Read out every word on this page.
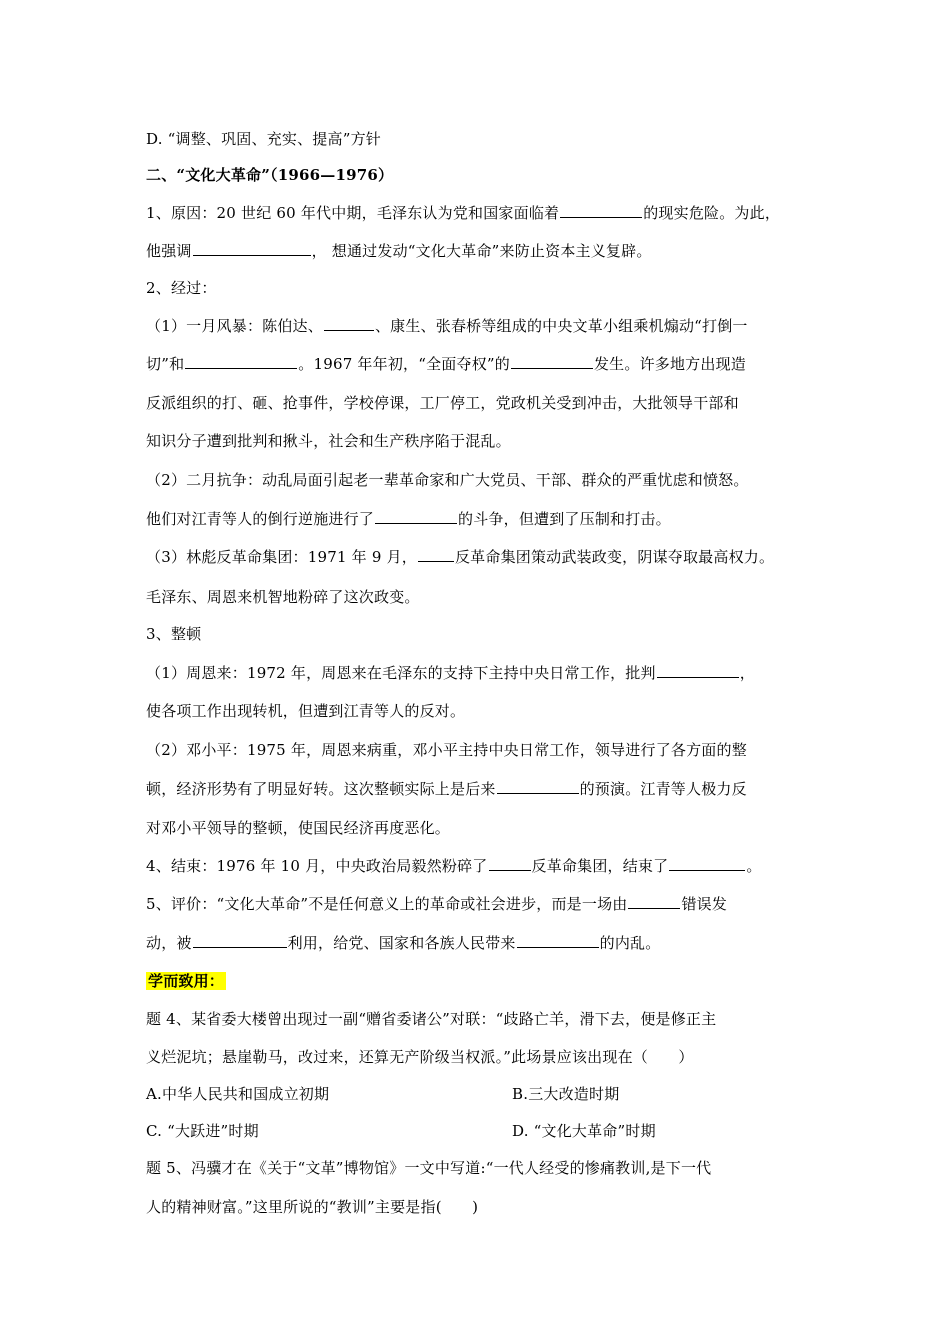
D. “调整、巩固、充实、提高”方针
二、“文化大革命”（1966—1976）
1、原因：20 世纪 60 年代中期，毛泽东认为党和国家面临着	的现实危险。为此，
他强调	， 想通过发动“文化大革命”来防止资本主义复辟。
2、经过：
（1）一月风暴：陈伯达、	、康生、张春桥等组成的中央文革小组乘机煽动“打倒一
切”和	。1967 年年初，“全面夺权”的	发生。许多地方出现造
反派组织的打、砸、抢事件，学校停课，工厂停工，党政机关受到冲击，大批领导干部和
知识分子遭到批判和揪斗，社会和生产秩序陷于混乱。
（2）二月抗争：动乱局面引起老一辈革命家和广大党员、干部、群众的严重忧虑和愤怒。
他们对江青等人的倒行逆施进行了	的斗争，但遭到了压制和打击。
（3）林彪反革命集团：1971 年 9 月，	反革命集团策动武装政变，阴谋夺取最高权力。
毛泽东、周恩来机智地粉碎了这次政变。
3、整顿
（1）周恩来：1972 年，周恩来在毛泽东的支持下主持中央日常工作，批判	，
使各项工作出现转机，但遭到江青等人的反对。
（2）邓小平：1975 年，周恩来病重，邓小平主持中央日常工作，领导进行了各方面的整
顿，经济形势有了明显好转。这次整顿实际上是后来	的预演。江青等人极力反
对邓小平领导的整顿，使国民经济再度恶化。
4、结束：1976 年 10 月，中央政治局毅然粉碎了	反革命集团，结束了	。
5、评价：“文化大革命”不是任何意义上的革命或社会进步，而是一场由	错误发
动，被	利用，给党、国家和各族人民带来	的内乱。
学而致用：
题 4、某省委大楼曾出现过一副“赠省委诸公”对联：“歧路亡羊，滑下去，便是修正主
义烂泥坑；悬崖勒马，改过来，还算无产阶级当权派。”此场景应该出现在（　　）
A.中华人民共和国成立初期	B.三大改造时期
C. “大跃进”时期	D. “文化大革命”时期
题 5、冯骥才在《关于“文革”博物馆》一文中写道:“一代人经受的惨痛教训,是下一代
人的精神财富。”这里所说的“教训”主要是指(　　)
